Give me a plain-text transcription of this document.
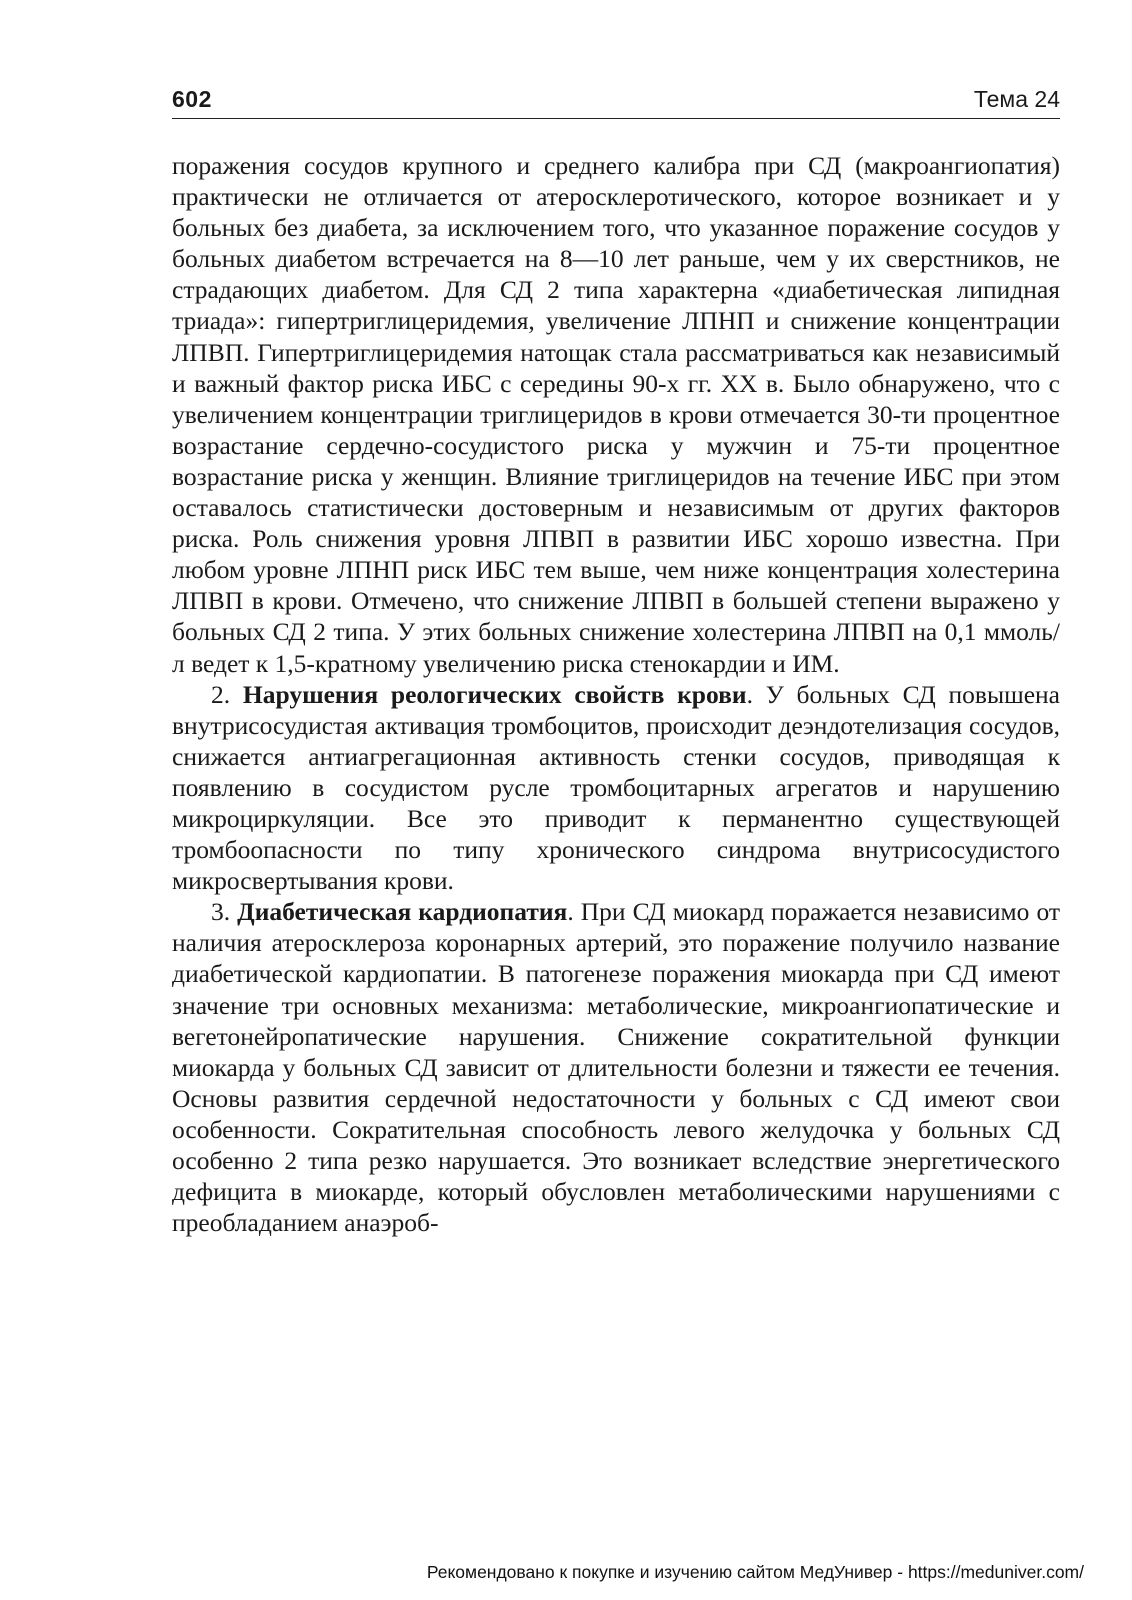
602	Тема 24

поражения сосудов крупного и среднего калибра при СД (макроангиопатия) практически не отличается от атеросклеротического, которое возникает и у больных без диабета, за исключением того, что указанное поражение сосудов у больных диабетом встречается на 8—10 лет раньше, чем у их сверстников, не страдающих диабетом. Для СД 2 типа характерна «диабетическая липидная триада»: гипертриглицеридемия, увеличение ЛПНП и снижение концентрации ЛПВП. Гипертриглицеридемия натощак стала рассматриваться как независимый и важный фактор риска ИБС с середины 90-х гг. XX в. Было обнаружено, что с увеличением концентрации триглицеридов в крови отмечается 30-ти процентное возрастание сердечно-сосудистого риска у мужчин и 75-ти процентное возрастание риска у женщин. Влияние триглицеридов на течение ИБС при этом оставалось статистически достоверным и независимым от других факторов риска. Роль снижения уровня ЛПВП в развитии ИБС хорошо известна. При любом уровне ЛПНП риск ИБС тем выше, чем ниже концентрация холестерина ЛПВП в крови. Отмечено, что снижение ЛПВП в большей степени выражено у больных СД 2 типа. У этих больных снижение холестерина ЛПВП на 0,1 ммоль/л ведет к 1,5-кратному увеличению риска стенокардии и ИМ.

2. Нарушения реологических свойств крови. У больных СД повышена внутрисосудистая активация тромбоцитов, происходит деэндотелизация сосудов, снижается антиагрегационная активность стенки сосудов, приводящая к появлению в сосудистом русле тромбоцитарных агрегатов и нарушению микроциркуляции. Все это приводит к перманентно существующей тромбоопасности по типу хронического синдрома внутрисосудистого микросвертывания крови.

3. Диабетическая кардиопатия. При СД миокард поражается независимо от наличия атеросклероза коронарных артерий, это поражение получило название диабетической кардиопатии. В патогенезе поражения миокарда при СД имеют значение три основных механизма: метаболические, микроангиопатические и вегетонейропатические нарушения. Снижение сократительной функции миокарда у больных СД зависит от длительности болезни и тяжести ее течения. Основы развития сердечной недостаточности у больных с СД имеют свои особенности. Сократительная способность левого желудочка у больных СД особенно 2 типа резко нарушается. Это возникает вследствие энергетического дефицита в миокарде, который обусловлен метаболическими нарушениями с преобладанием анаэроб-

Рекомендовано к покупке и изучению сайтом МедУнивер - https://meduniver.com/
